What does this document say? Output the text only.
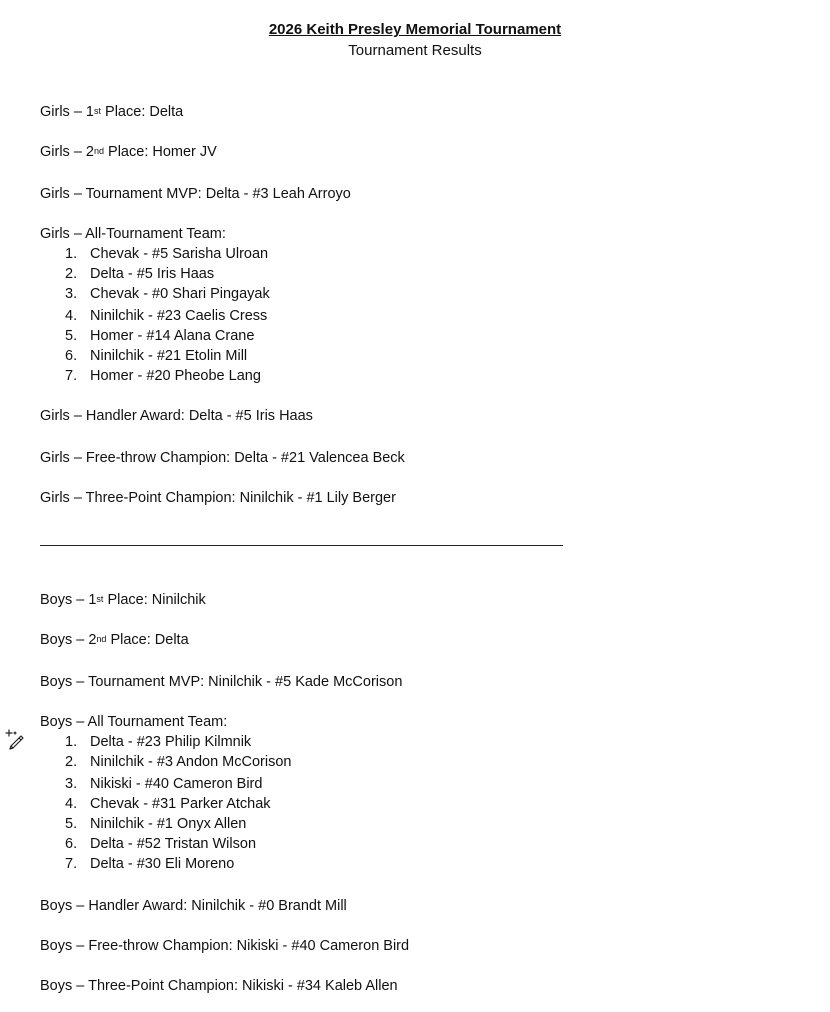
2026 Keith Presley Memorial Tournament
Tournament Results
Girls – 1st Place: Delta
Girls – 2nd Place: Homer JV
Girls – Tournament MVP: Delta - #3 Leah Arroyo
Girls – All-Tournament Team:
1. Chevak - #5 Sarisha Ulroan
2. Delta - #5 Iris Haas
3. Chevak - #0 Shari Pingayak
4. Ninilchik - #23 Caelis Cress
5. Homer - #14 Alana Crane
6. Ninilchik - #21 Etolin Mill
7. Homer - #20 Pheobe Lang
Girls – Handler Award: Delta - #5 Iris Haas
Girls – Free-throw Champion: Delta - #21 Valencea Beck
Girls – Three-Point Champion: Ninilchik - #1 Lily Berger
Boys – 1st Place: Ninilchik
Boys – 2nd Place: Delta
Boys – Tournament MVP: Ninilchik - #5 Kade McCorison
Boys – All Tournament Team:
1. Delta - #23 Philip Kilmnik
2. Ninilchik - #3 Andon McCorison
3. Nikiski - #40 Cameron Bird
4. Chevak - #31 Parker Atchak
5. Ninilchik - #1 Onyx Allen
6. Delta - #52 Tristan Wilson
7. Delta - #30 Eli Moreno
Boys – Handler Award: Ninilchik - #0 Brandt Mill
Boys – Free-throw Champion: Nikiski - #40 Cameron Bird
Boys – Three-Point Champion: Nikiski - #34 Kaleb Allen
